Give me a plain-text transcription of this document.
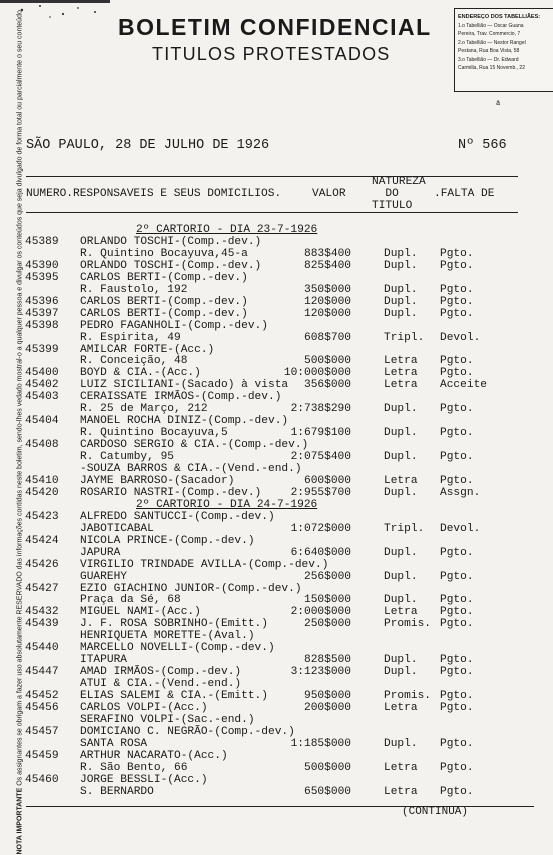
BOLETIM CONFIDENCIAL
TITULOS PROTESTADOS
ENDEREÇO DOS TABELLIÃES:
1.o Tabellião — Oscar Guana
Pereira, Trav. Commercio, 7
2.o Tabellião — Nestor Rangel
Pestana, Rua Boa Vista, 58
3.o Tabellião — Dr. Edward
Carmilla, Rua 15 Novemb., 22
NOTA IMPORTANTE Os assignantes se obrigam a fazer uso absolutamente RESERVADO das informações contidas neste boletim, sendo-lhes vedado mostral-o a qualquer pessoa e divulgar os conteúdos que seja divulgado de forma total ou parcialmente o seu conteúdo.	ä
SÃO PAULO, 28 DE JULHO DE 1926	Nº 566
NUMERO.RESPONSAVEIS E SEUS DOMICILIOS.	VALOR
NATUREZA
DO
TITULO
.FALTA DE
2º CARTORIO - DIA 23-7-1926
45389 ORLANDO TOSCHI-(Comp.-dev.)
R. Quintino Bocayuva,45-a	883$400	Dupl. Pgto.
45390 ORLANDO TOSCHI-(Comp.-dev.)	825$400	Dupl. Pgto.
45395 CARLOS BERTI-(Comp.-dev.)
R. Faustolo, 192	350$000	Dupl. Pgto.
45396 CARLOS BERTI-(Comp.-dev.)	120$000	Dupl. Pgto.
45397 CARLOS BERTI-(Comp.-dev.)	120$000	Dupl. Pgto.
45398 PEDRO FAGANHOLI-(Comp.-dev.)
R. Espirita, 49	608$700	Tripl. Devol.
45399 AMILCAR FORTE-(Acc.)
R. Conceição, 48	500$000	Letra Pgto.
45400 BOYD & CIA.-(Acc.)	10:000$000	Letra Pgto.
45402 LUIZ SICILIANI-(Sacado) à vista 356$000	Letra Acceite
45403 CERAISSATE IRMÃOS-(Comp.-dev.)
R. 25 de Março, 212	2:738$290	Dupl. Pgto.
45404 MANOEL ROCHA DINIZ-(Comp.-dev.)
R. Quintino Bocayuva,5	1:679$100	Dupl. Pgto.
45408 CARDOSO SERGIO & CIA.-(Comp.-dev.)
R. Catumby, 95	2:075$400	Dupl. Pgto.
-SOUZA BARROS & CIA.-(Vend.-end.)
45410 JAYME BARROSO-(Sacador)	600$000	Letra Pgto.
45420 ROSARIO NASTRI-(Comp.-dev.)	2:955$700	Dupl. Assgn.
2º CARTORIO - DIA 24-7-1926
45423 ALFREDO SANTUCCI-(Comp.-dev.)
JABOTICABAL	1:072$000	Tripl. Devol.
45424 NICOLA PRINCE-(Comp.-dev.)
JAPURA	6:640$000	Dupl. Pgto.
45426 VIRGILIO TRINDADE AVILLA-(Comp.-dev.)
GUAREHY	256$000	Dupl. Pgto.
45427 EZIO GIACHINO JUNIOR-(Comp.-dev.)
Praça da Sé, 68	150$000	Dupl. Pgto.
45432 MIGUEL NAMI-(Acc.)	2:000$000	Letra Pgto.
45439 J. F. ROSA SOBRINHO-(Emitt.)	250$000	Promis. Pgto.
HENRIQUETA MORETTE-(Aval.)
45440 MARCELLO NOVELLI-(Comp.-dev.)
ITAPURA	828$500	Dupl. Pgto.
45447 AMAD IRMÃOS-(Comp.-dev.)	3:123$000	Dupl. Pgto.
ATUI & CIA.-(Vend.-end.)
45452 ELIAS SALEMI & CIA.-(Emitt.)	950$000	Promis. Pgto.
45456 CARLOS VOLPI-(Acc.)	200$000	Letra Pgto.
SERAFINO VOLPI-(Sac.-end.)
45457 DOMICIANO C. NEGRÃO-(Comp.-dev.)
SANTA ROSA	1:185$000	Dupl. Pgto.
45459 ARTHUR NACARATO-(Acc.)
R. São Bento, 66	500$000	Letra Pgto.
45460 JORGE BESSLI-(Acc.)
S. BERNARDO	650$000	Letra Pgto.
(CONTINUA)
